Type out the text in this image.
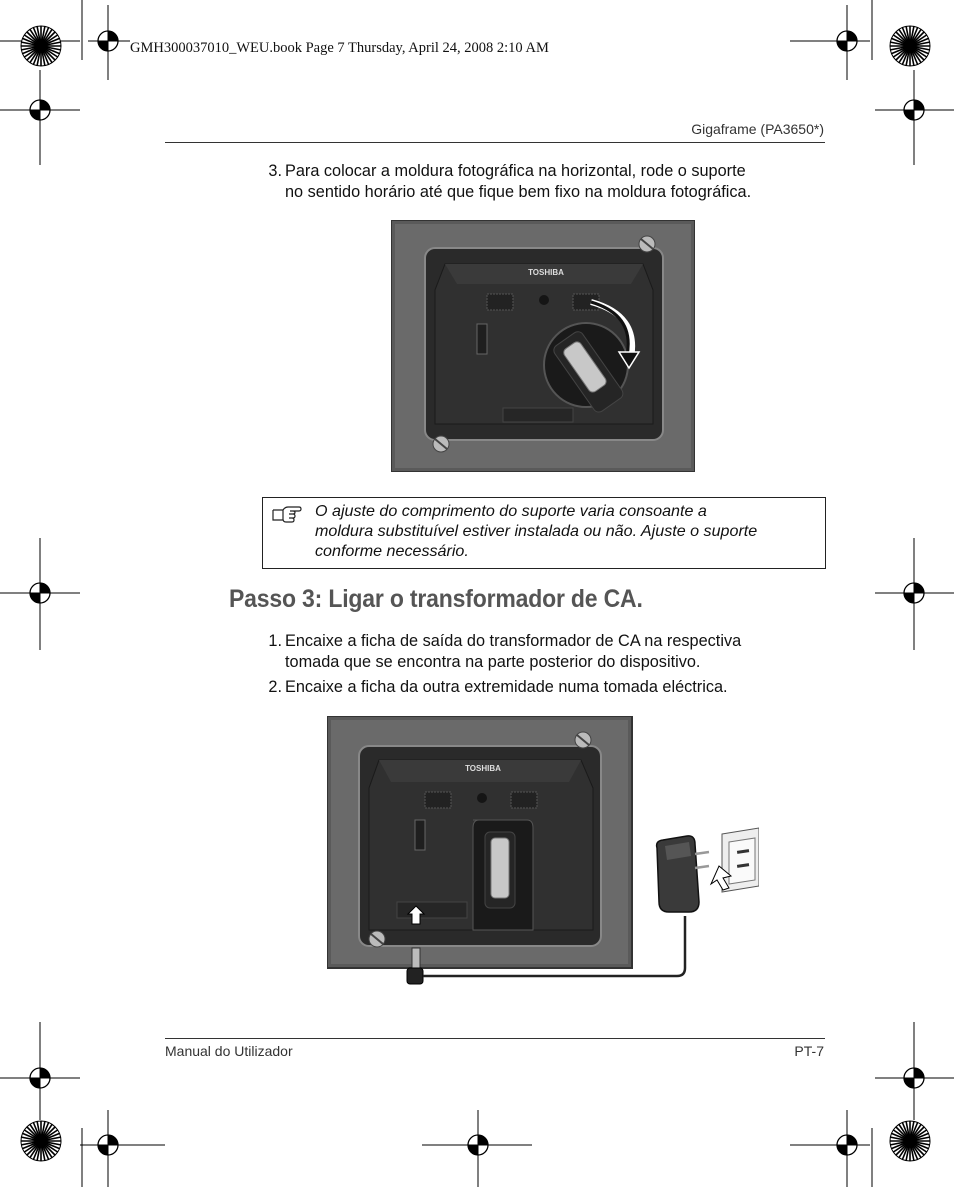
GMH300037010_WEU.book Page 7 Thursday, April 24, 2008 2:10 AM
Gigaframe (PA3650*)
3. Para colocar a moldura fotográfica na horizontal, rode o suporte
no sentido horário até que fique bem fixo na moldura fotográfica.
TOSHIBA
O ajuste do comprimento do suporte varia consoante a
moldura substituível estiver instalada ou não. Ajuste o suporte
conforme necessário.
Passo 3: Ligar o transformador de CA.
1. Encaixe a ficha de saída do transformador de CA na respectiva
tomada que se encontra na parte posterior do dispositivo.
2. Encaixe a ficha da outra extremidade numa tomada eléctrica.
TOSHIBA
Manual do Utilizador	PT-7
